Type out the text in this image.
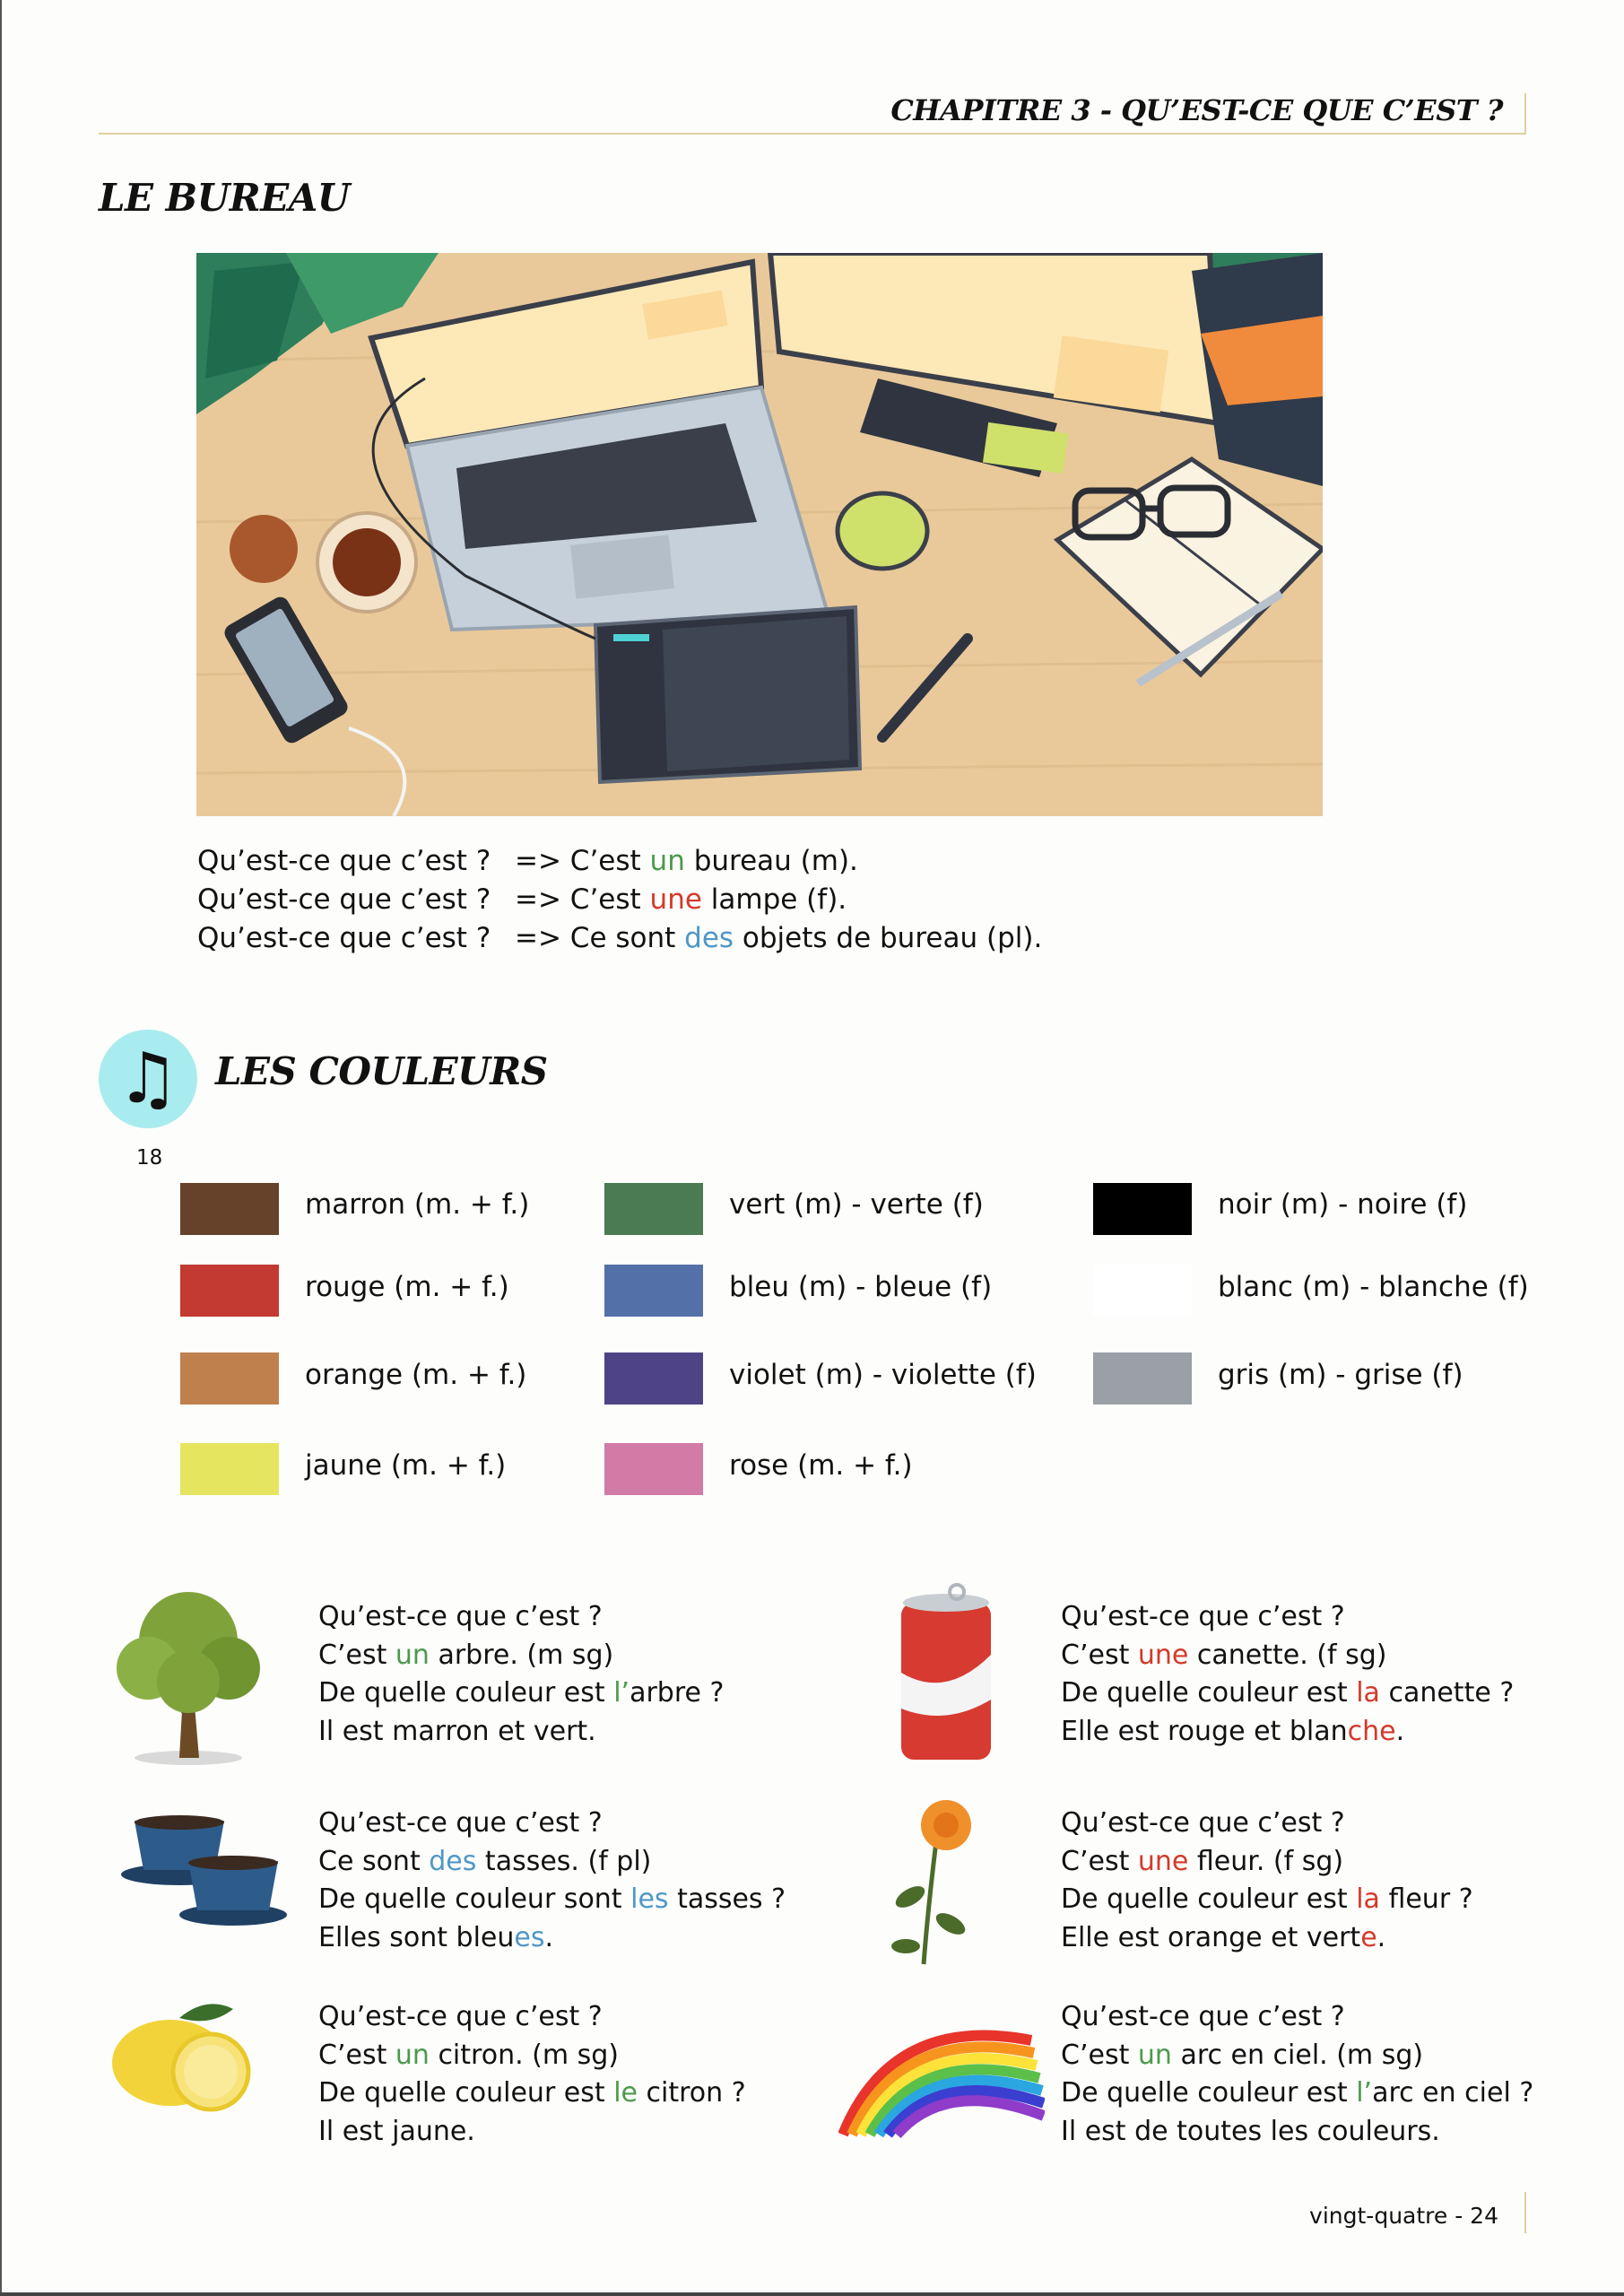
CHAPITRE 3 - QU’EST-CE QUE C’EST ?
LE BUREAU
Qu’est-ce que c’est ? => C’est un bureau (m).
Qu’est-ce que c’est ? => C’est une lampe (f).
Qu’est-ce que c’est ? => Ce sont des objets de bureau (pl).
♫ LES COULEURS
18
marron (m. + f.)
rouge (m. + f.)
orange (m. + f.)
jaune (m. + f.)
vert (m) - verte (f)
bleu (m) - bleue (f)
violet (m) - violette (f)
rose (m. + f.)
noir (m) - noire (f)
blanc (m) - blanche (f)
gris (m) - grise (f)
Qu’est-ce que c’est ?
C’est un arbre. (m sg)
De quelle couleur est l’arbre ?
Il est marron et vert.
Qu’est-ce que c’est ?
Ce sont des tasses. (f pl)
De quelle couleur sont les tasses ?
Elles sont bleues.
Qu’est-ce que c’est ?
C’est un citron. (m sg)
De quelle couleur est le citron ?
Il est jaune.
Qu’est-ce que c’est ?
C’est une canette. (f sg)
De quelle couleur est la canette ?
Elle est rouge et blanche.
Qu’est-ce que c’est ?
C’est une fleur. (f sg)
De quelle couleur est la fleur ?
Elle est orange et verte.
Qu’est-ce que c’est ?
C’est un arc en ciel. (m sg)
De quelle couleur est l’arc en ciel ?
Il est de toutes les couleurs.
vingt-quatre - 24
